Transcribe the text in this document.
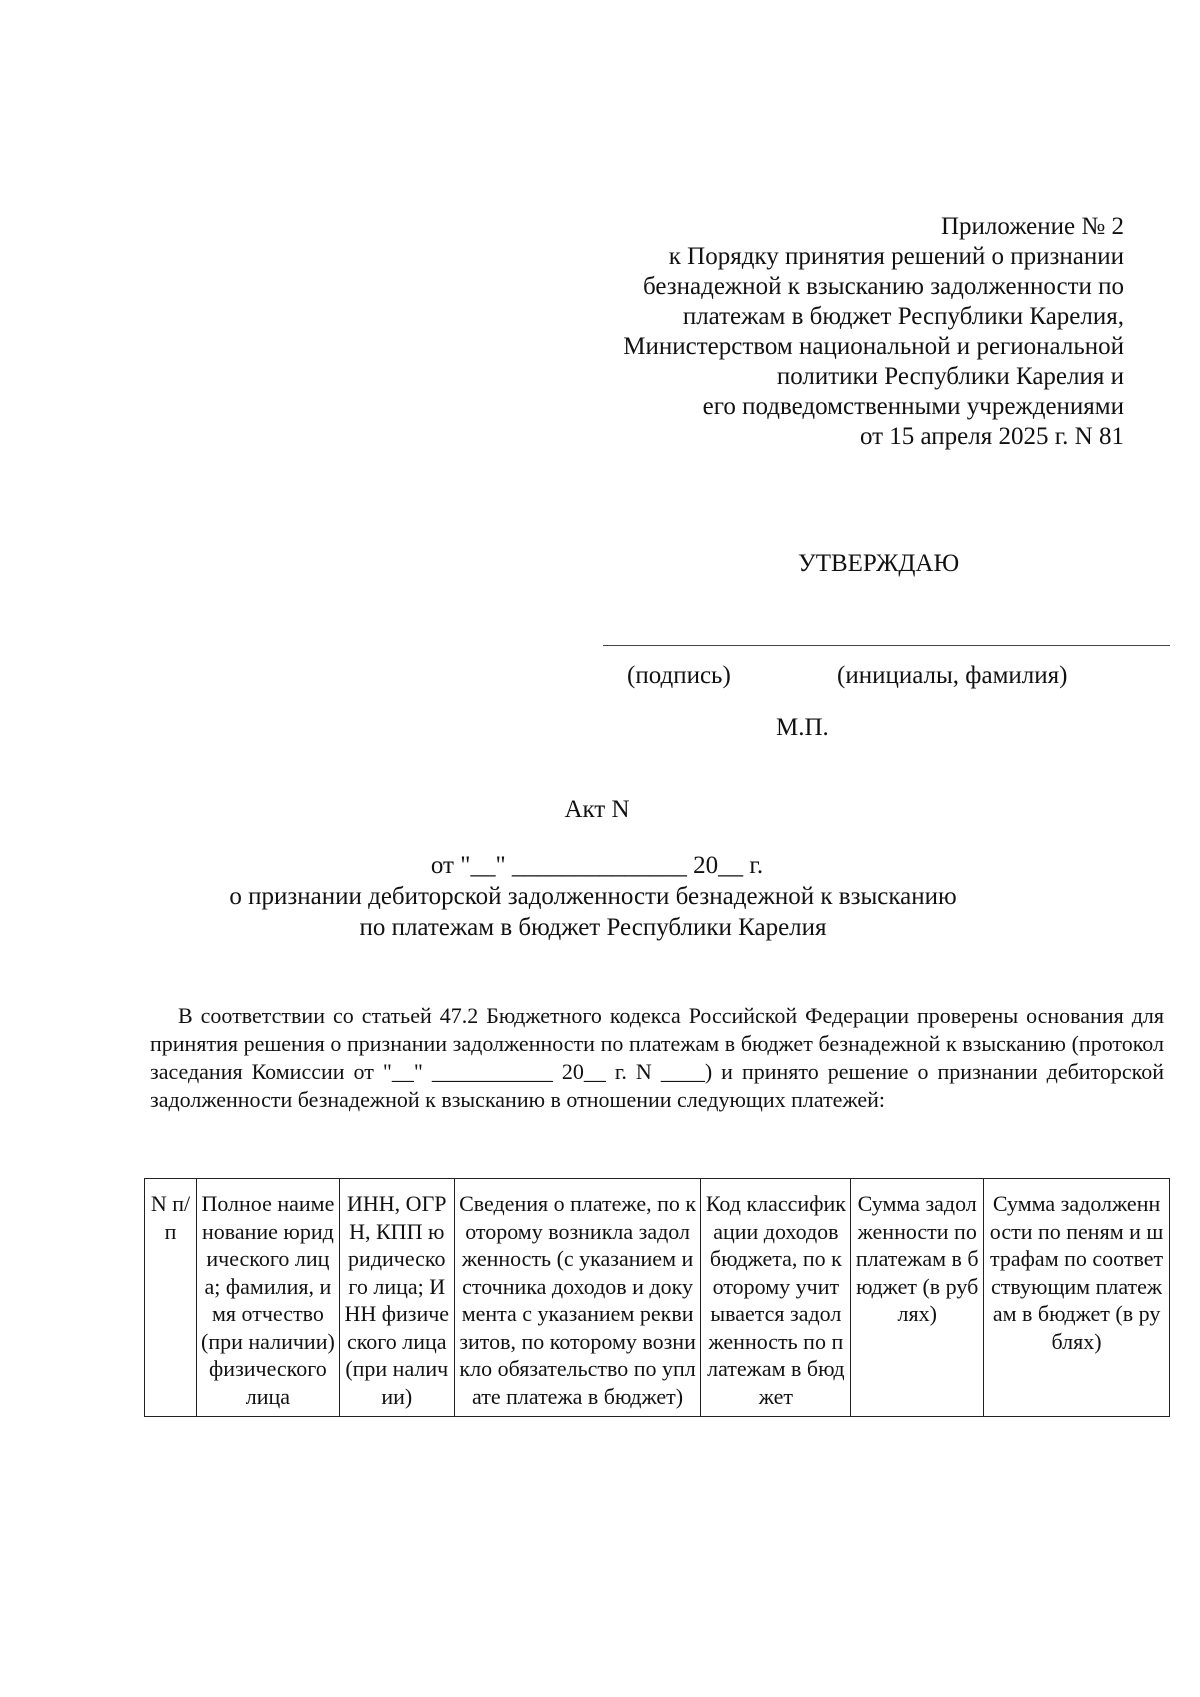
Приложение № 2
к Порядку принятия решений о признании
безнадежной к взысканию задолженности по
платежам в бюджет Республики Карелия,
Министерством национальной и региональной
политики Республики Карелия и
его подведомственными учреждениями
от 15 апреля 2025 г. N 81
УТВЕРЖДАЮ
(подпись)	(инициалы, фамилия)
М.П.
Акт N
от "__" ______________ 20__ г.
о признании дебиторской задолженности безнадежной к взысканию
по платежам в бюджет Республики Карелия
В соответствии со статьей 47.2 Бюджетного кодекса Российской Федерации проверены основания для принятия решения о признании задолженности по платежам в бюджет безнадежной к взысканию (протокол заседания Комиссии от "__" ___________ 20__ г. N ____) и принято решение о признании дебиторской задолженности безнадежной к взысканию в отношении следующих платежей:
N п/п	Полное наименование юридического лица; фамилия, имя отчество (при наличии) физического лица	ИНН, ОГРН, КПП юридического лица; ИНН физического лица (при наличии)	Сведения о платеже, по которому возникла задолженность (с указанием источника доходов и документа с указанием реквизитов, по которому возникло обязательство по уплате платежа в бюджет)	Код классификации доходов бюджета, по которому учитывается задолженность по платежам в бюджет	Сумма задолженности по платежам в бюджет (в рублях)	Сумма задолженности по пеням и штрафам по соответствующим платежам в бюджет (в рублях)
